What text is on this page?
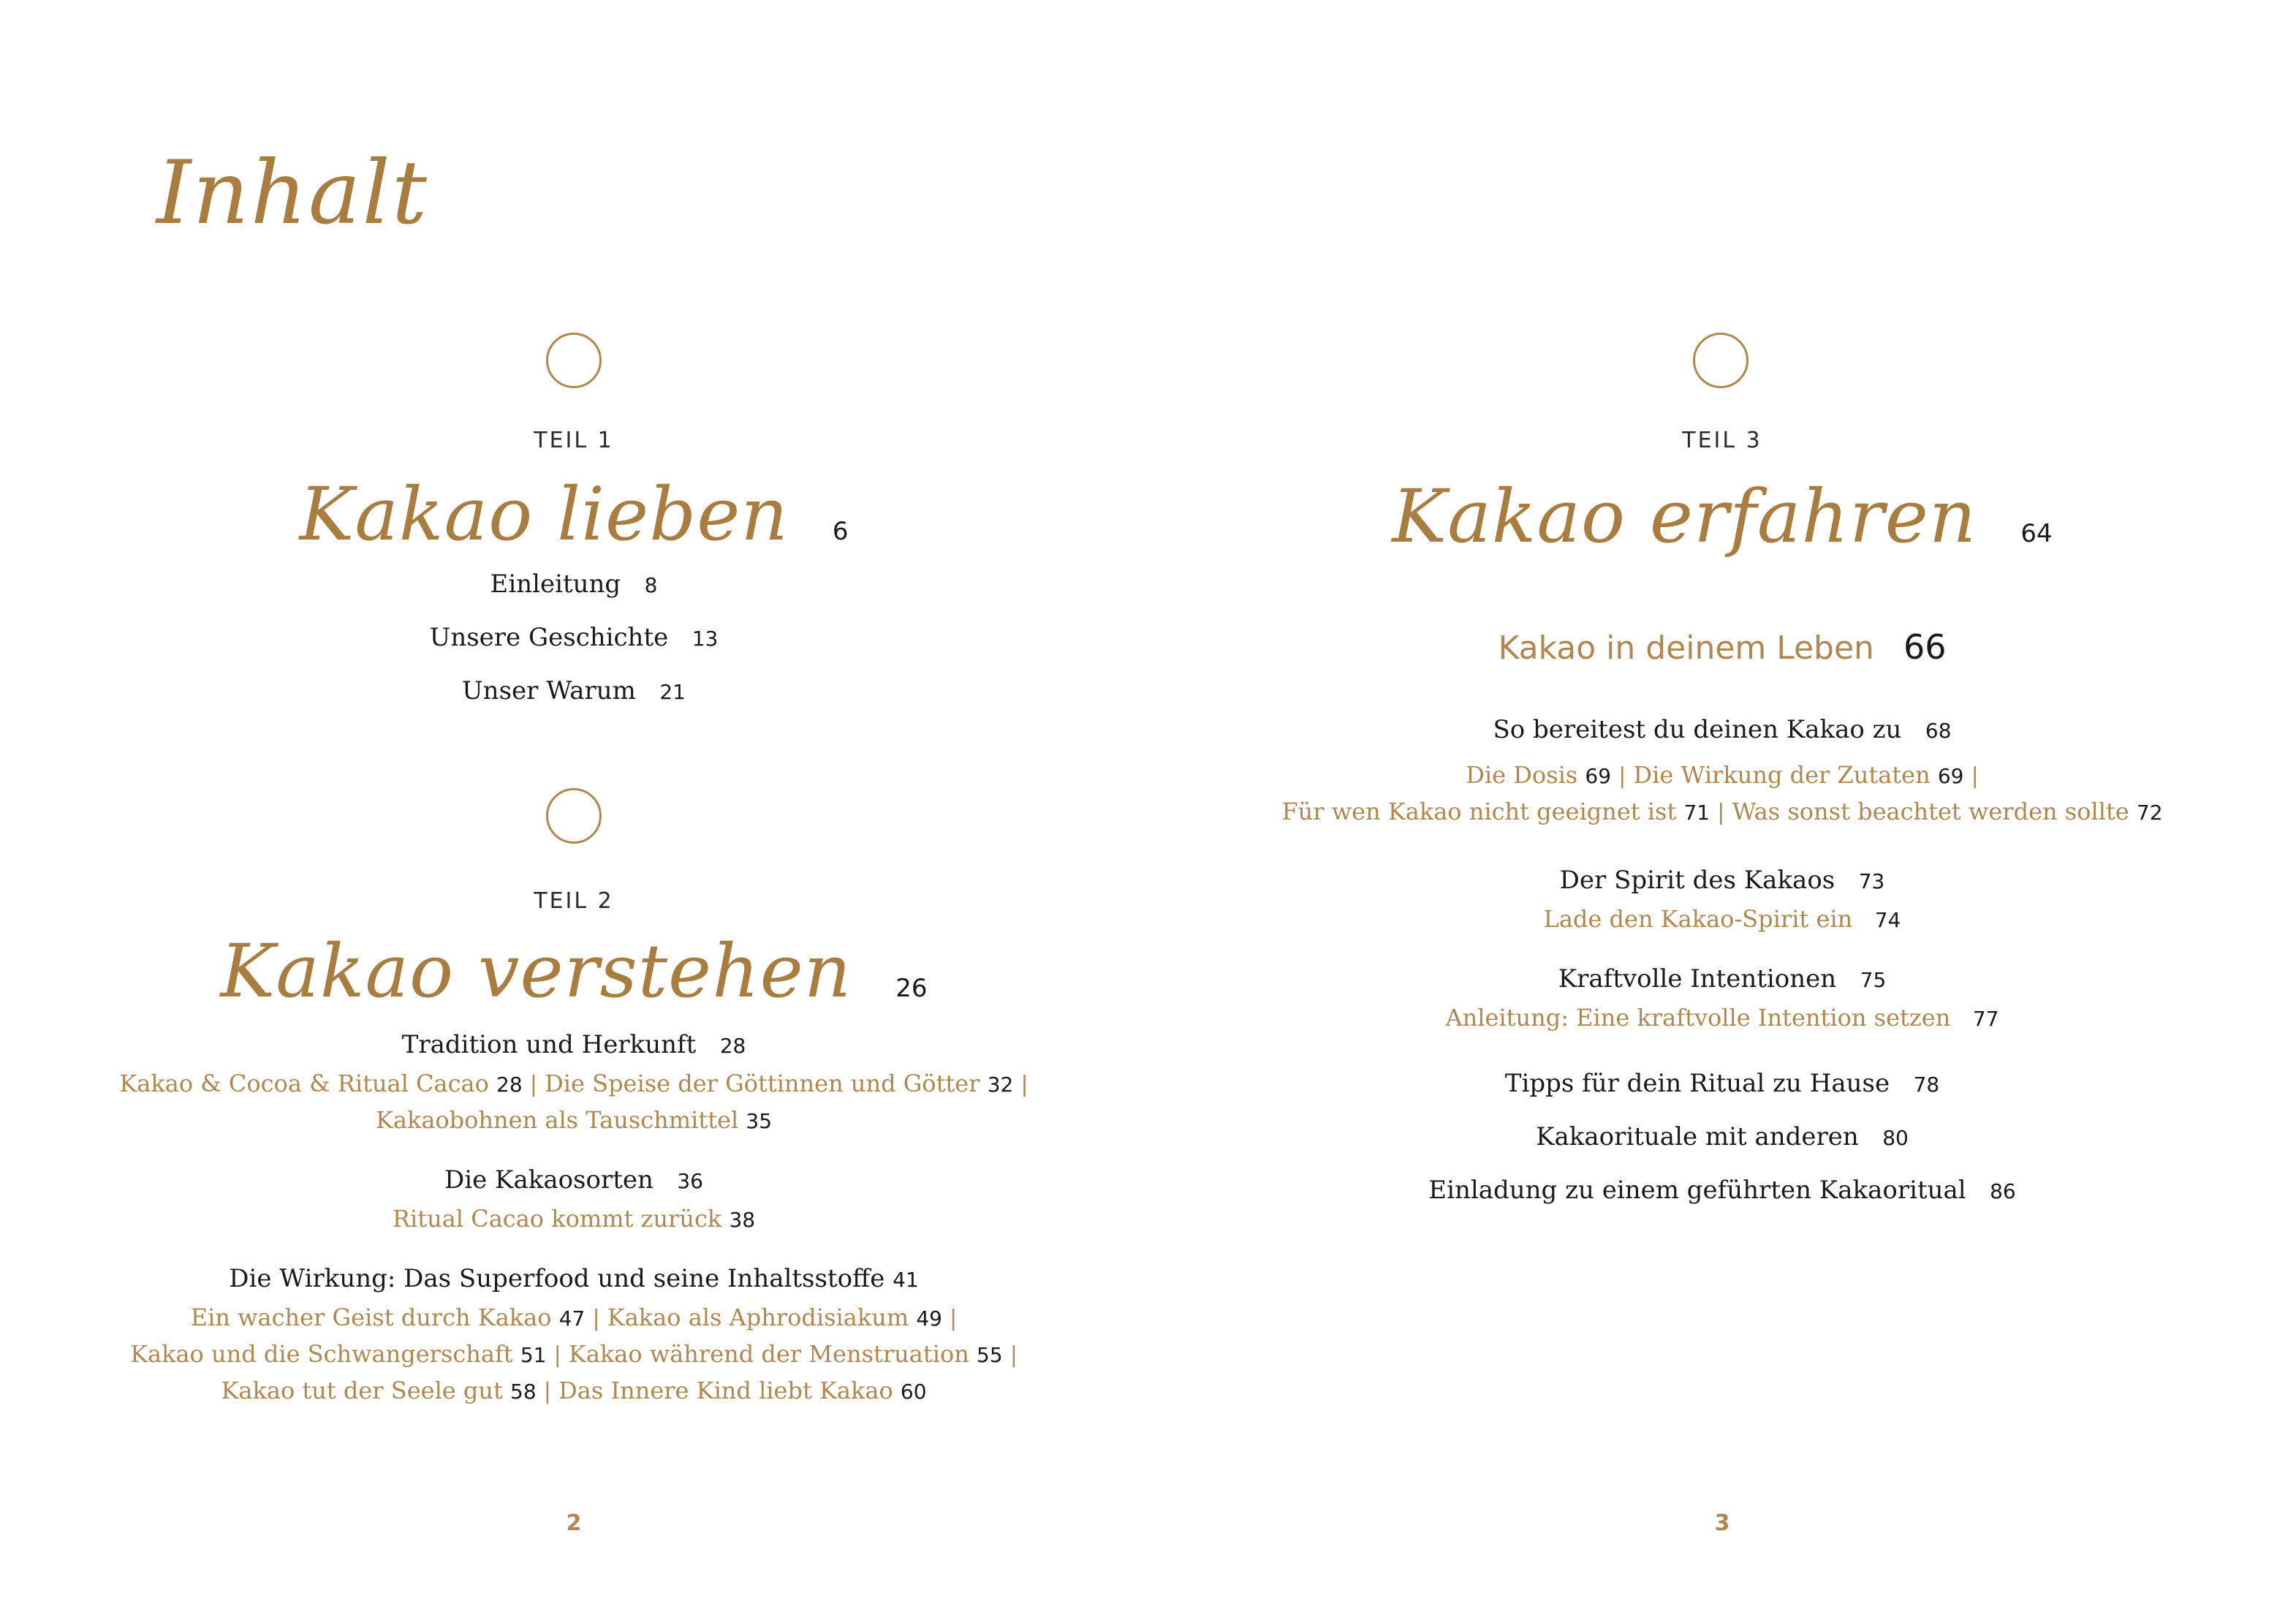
Inhalt
TEIL 1
Kakao lieben 6
Einleitung 8
Unsere Geschichte 13
Unser Warum 21
TEIL 2
Kakao verstehen 26
Tradition und Herkunft 28
Kakao & Cocoa & Ritual Cacao 28 | Die Speise der Göttinnen und Götter 32 |
Kakaobohnen als Tauschmittel 35
Die Kakaosorten 36
Ritual Cacao kommt zurück 38
Die Wirkung: Das Superfood und seine Inhaltsstoffe 41
Ein wacher Geist durch Kakao 47 | Kakao als Aphrodisiakum 49 |
Kakao und die Schwangerschaft 51 | Kakao während der Menstruation 55 |
Kakao tut der Seele gut 58 | Das Innere Kind liebt Kakao 60
2
TEIL 3
Kakao erfahren 64
Kakao in deinem Leben 66
So bereitest du deinen Kakao zu 68
Die Dosis 69 | Die Wirkung der Zutaten 69 |
Für wen Kakao nicht geeignet ist 71 | Was sonst beachtet werden sollte 72
Der Spirit des Kakaos 73
Lade den Kakao-Spirit ein 74
Kraftvolle Intentionen 75
Anleitung: Eine kraftvolle Intention setzen 77
Tipps für dein Ritual zu Hause 78
Kakaorituale mit anderen 80
Einladung zu einem geführten Kakaoritual 86
3
